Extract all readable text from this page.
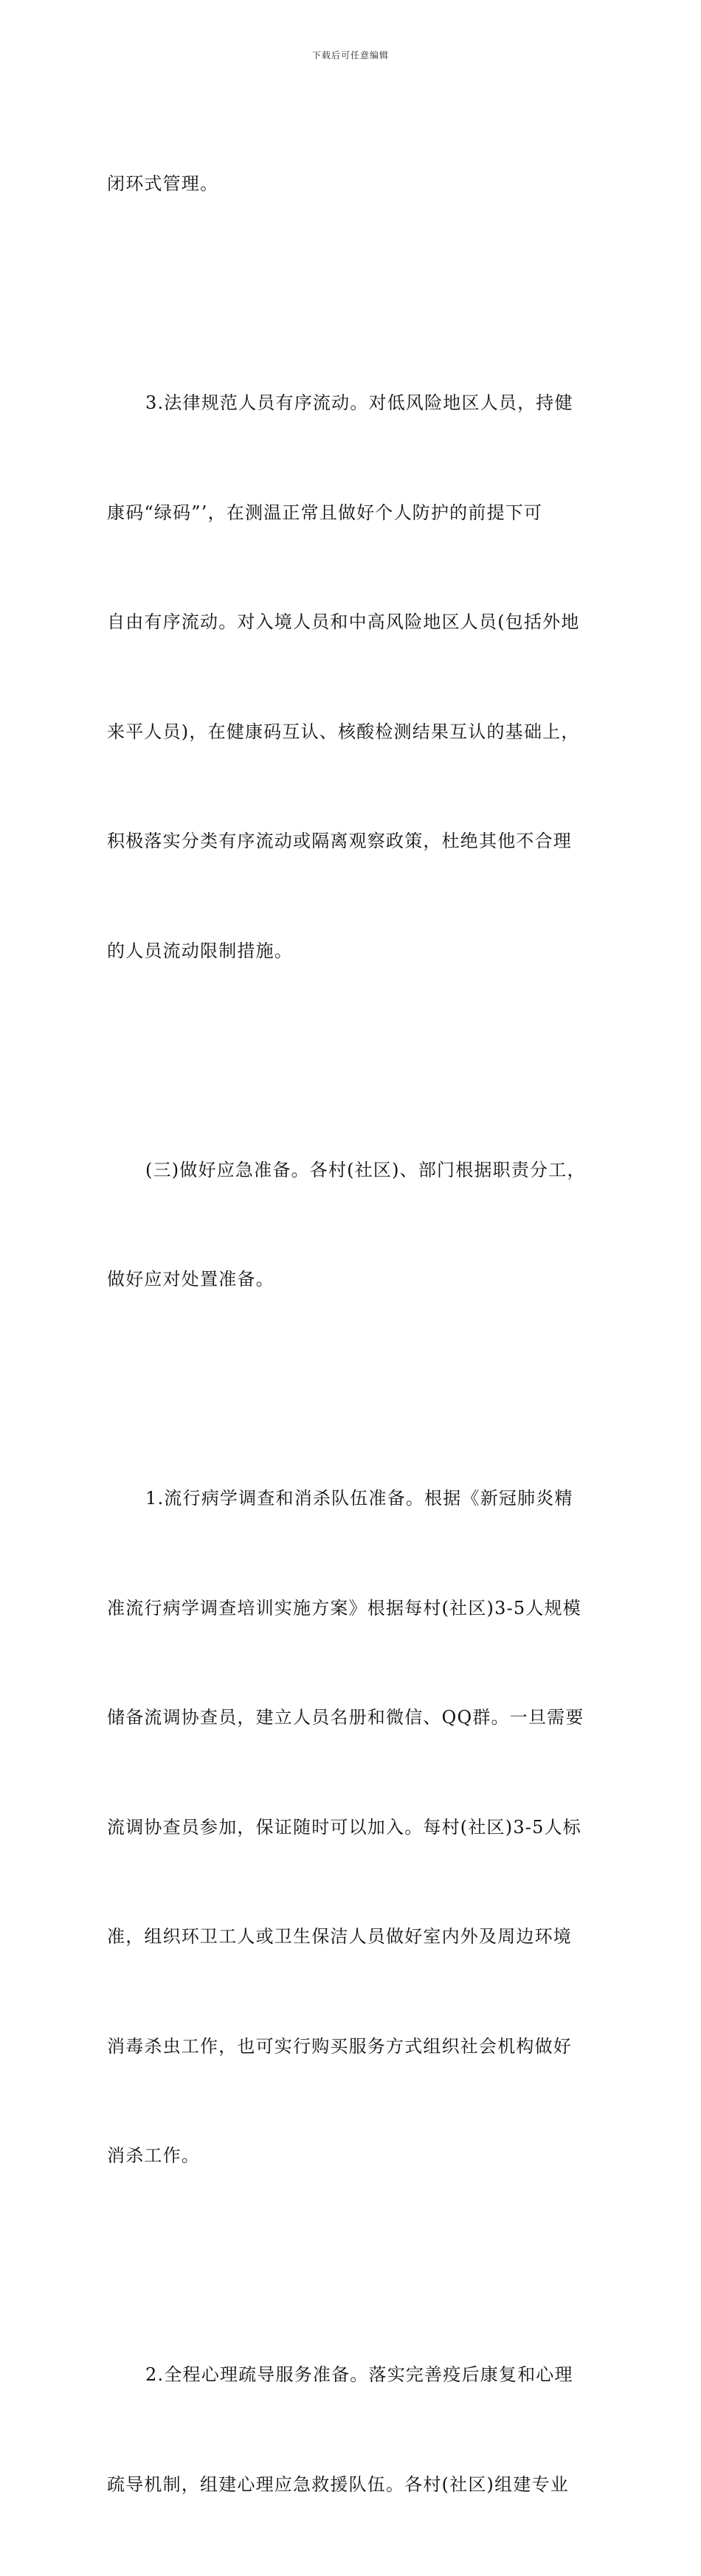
下载后可任意编辑

闭环式管理。

3.法律规范人员有序流动。对低风险地区人员，持健

康码“绿码”’，在测温正常且做好个人防护的前提下可

自由有序流动。对入境人员和中高风险地区人员(包括外地

来平人员)，在健康码互认、核酸检测结果互认的基础上，

积极落实分类有序流动或隔离观察政策，杜绝其他不合理

的人员流动限制措施。

(三)做好应急准备。各村(社区)、部门根据职责分工，

做好应对处置准备。

1.流行病学调查和消杀队伍准备。根据《新冠肺炎精

准流行病学调查培训实施方案》根据每村(社区)3-5人规模

储备流调协查员，建立人员名册和微信、QQ群。一旦需要

流调协查员参加，保证随时可以加入。每村(社区)3-5人标

准，组织环卫工人或卫生保洁人员做好室内外及周边环境

消毒杀虫工作，也可实行购买服务方式组织社会机构做好

消杀工作。

2.全程心理疏导服务准备。落实完善疫后康复和心理

疏导机制，组建心理应急救援队伍。各村(社区)组建专业
